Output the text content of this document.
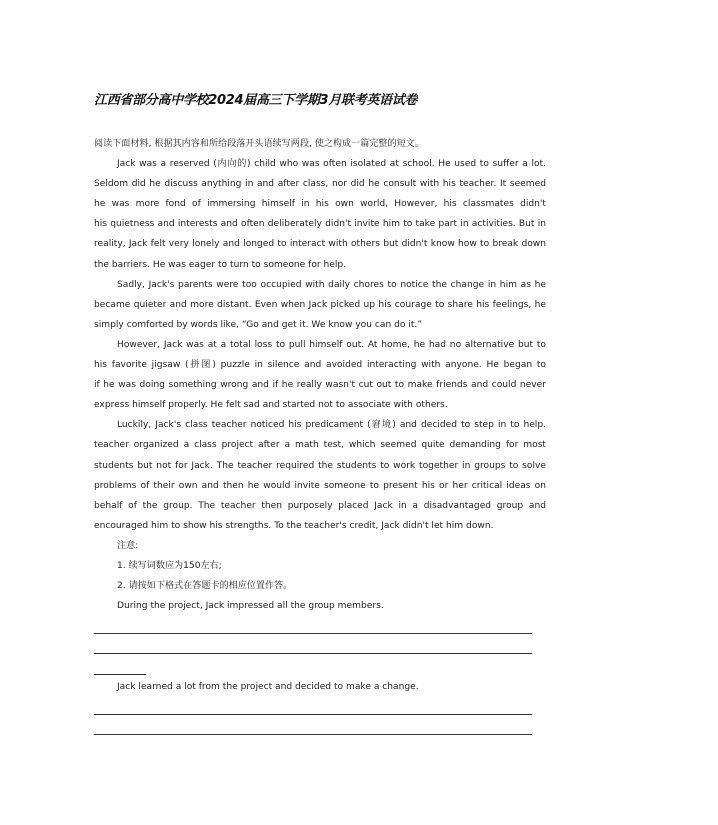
江西省部分高中学校2024届高三下学期3月联考英语试卷
阅读下面材料, 根据其内容和所给段落开头语续写两段, 使之构成一篇完整的短文。
Jack was a reserved (内向的) child who was often isolated at school. He used to suffer a lot.
Seldom did he discuss anything in and after class, nor did he consult with his teacher. It seemed
he was more fond of immersing himself in his own world, However, his classmates didn't
his quietness and interests and often deliberately didn't invite him to take part in activities. But in
reality, Jack felt very lonely and longed to interact with others but didn't know how to break down
the barriers. He was eager to turn to someone for help.
Sadly, Jack's parents were too occupied with daily chores to notice the change in him as he
became quieter and more distant. Even when Jack picked up his courage to share his feelings, he
simply comforted by words like, “Go and get it. We know you can do it.”
However, Jack was at a total loss to pull himself out. At home, he had no alternative but to
his favorite jigsaw (拼图) puzzle in silence and avoided interacting with anyone. He began to
if he was doing something wrong and if he really wasn't cut out to make friends and could never
express himself properly. He felt sad and started not to associate with others.
Luckily, Jack's class teacher noticed his predicament (窘境) and decided to step in to help.
teacher organized a class project after a math test, which seemed quite demanding for most
students but not for Jack. The teacher required the students to work together in groups to solve
problems of their own and then he would invite someone to present his or her critical ideas on
behalf of the group. The teacher then purposely placed Jack in a disadvantaged group and
encouraged him to show his strengths. To the teacher's credit, Jack didn't let him down.
注意:
1. 续写词数应为150左右;
2. 请按如下格式在答题卡的相应位置作答。
During the project, Jack impressed all the group members.
Jack learned a lot from the project and decided to make a change.
